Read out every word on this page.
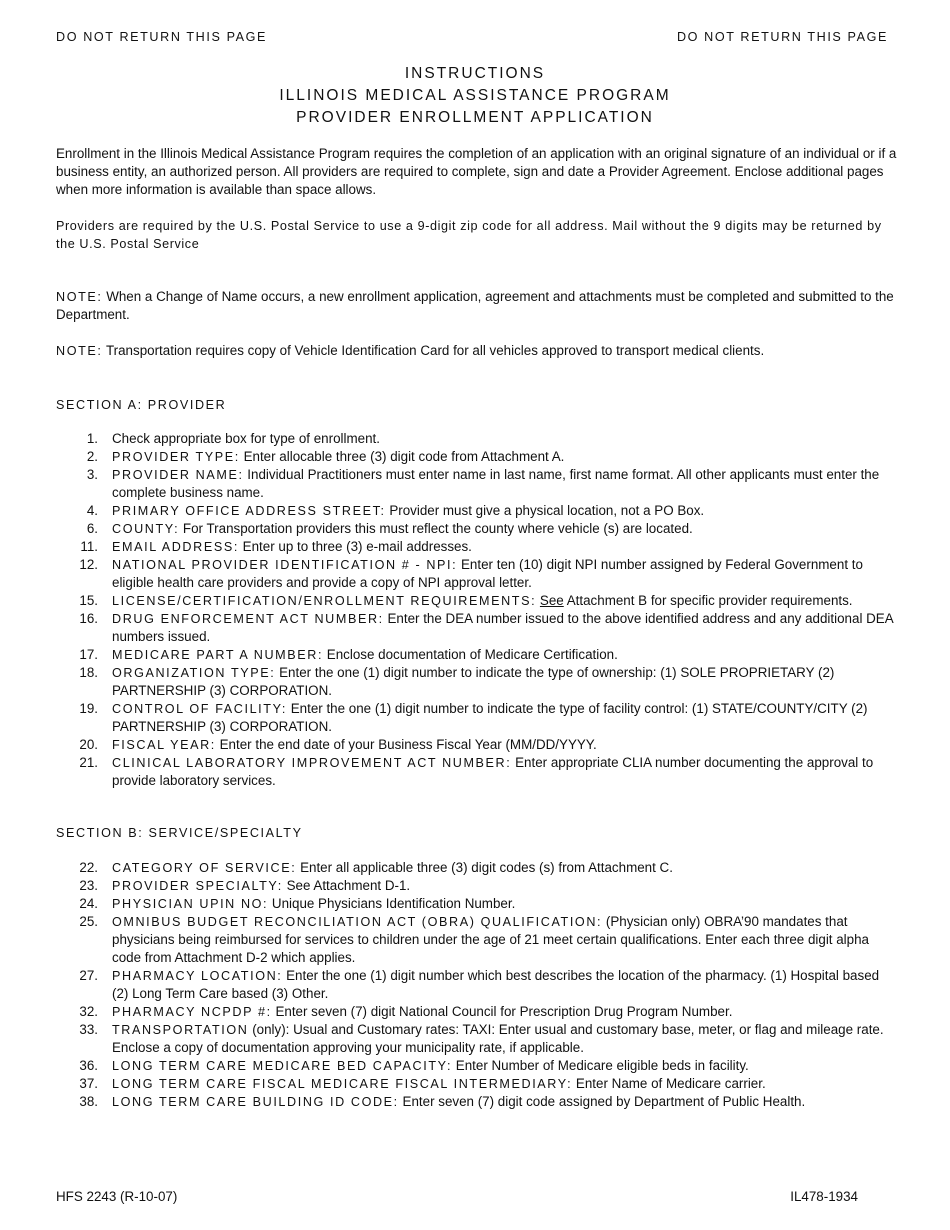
DO NOT RETURN THIS PAGE	DO NOT RETURN THIS PAGE
INSTRUCTIONS
ILLINOIS MEDICAL ASSISTANCE PROGRAM
PROVIDER ENROLLMENT APPLICATION
Enrollment in the Illinois Medical Assistance Program requires the completion of an application with an original signature of an individual or if a business entity, an authorized person. All providers are required to complete, sign and date a Provider Agreement. Enclose additional pages when more information is available than space allows.
Providers are required by the U.S. Postal Service to use a 9-digit zip code for all address. Mail without the 9 digits may be returned by the U.S. Postal Service
NOTE: When a Change of Name occurs, a new enrollment application, agreement and attachments must be completed and submitted to the Department.
NOTE: Transportation requires copy of Vehicle Identification Card for all vehicles approved to transport medical clients.
SECTION A: PROVIDER
1. Check appropriate box for type of enrollment.
2. PROVIDER TYPE: Enter allocable three (3) digit code from Attachment A.
3. PROVIDER NAME: Individual Practitioners must enter name in last name, first name format. All other applicants must enter the complete business name.
4. PRIMARY OFFICE ADDRESS STREET: Provider must give a physical location, not a PO Box.
6. COUNTY: For Transportation providers this must reflect the county where vehicle (s) are located.
11. EMAIL ADDRESS: Enter up to three (3) e-mail addresses.
12. NATIONAL PROVIDER IDENTIFICATION # - NPI: Enter ten (10) digit NPI number assigned by Federal Government to eligible health care providers and provide a copy of NPI approval letter.
15. LICENSE/CERTIFICATION/ENROLLMENT REQUIREMENTS: See Attachment B for specific provider requirements.
16. DRUG ENFORCEMENT ACT NUMBER: Enter the DEA number issued to the above identified address and any additional DEA numbers issued.
17. MEDICARE PART A NUMBER: Enclose documentation of Medicare Certification.
18. ORGANIZATION TYPE: Enter the one (1) digit number to indicate the type of ownership: (1) SOLE PROPRIETARY (2) PARTNERSHIP (3) CORPORATION.
19. CONTROL OF FACILITY: Enter the one (1) digit number to indicate the type of facility control: (1) STATE/COUNTY/CITY (2) PARTNERSHIP (3) CORPORATION.
20. FISCAL YEAR: Enter the end date of your Business Fiscal Year (MM/DD/YYYY.
21. CLINICAL LABORATORY IMPROVEMENT ACT NUMBER: Enter appropriate CLIA number documenting the approval to provide laboratory services.
SECTION B: SERVICE/SPECIALTY
22. CATEGORY OF SERVICE: Enter all applicable three (3) digit codes (s) from Attachment C.
23. PROVIDER SPECIALTY: See Attachment D-1.
24. PHYSICIAN UPIN NO: Unique Physicians Identification Number.
25. OMNIBUS BUDGET RECONCILIATION ACT (OBRA) QUALIFICATION: (Physician only) OBRA’90 mandates that physicians being reimbursed for services to children under the age of 21 meet certain qualifications. Enter each three digit alpha code from Attachment D-2 which applies.
27. PHARMACY LOCATION: Enter the one (1) digit number which best describes the location of the pharmacy. (1) Hospital based (2) Long Term Care based (3) Other.
32. PHARMACY NCPDP #: Enter seven (7) digit National Council for Prescription Drug Program Number.
33. TRANSPORTATION (only): Usual and Customary rates: TAXI: Enter usual and customary base, meter, or flag and mileage rate. Enclose a copy of documentation approving your municipality rate, if applicable.
36. LONG TERM CARE MEDICARE BED CAPACITY: Enter Number of Medicare eligible beds in facility.
37. LONG TERM CARE FISCAL MEDICARE FISCAL INTERMEDIARY: Enter Name of Medicare carrier.
38. LONG TERM CARE BUILDING ID CODE: Enter seven (7) digit code assigned by Department of Public Health.
HFS 2243 (R-10-07)	IL478-1934
